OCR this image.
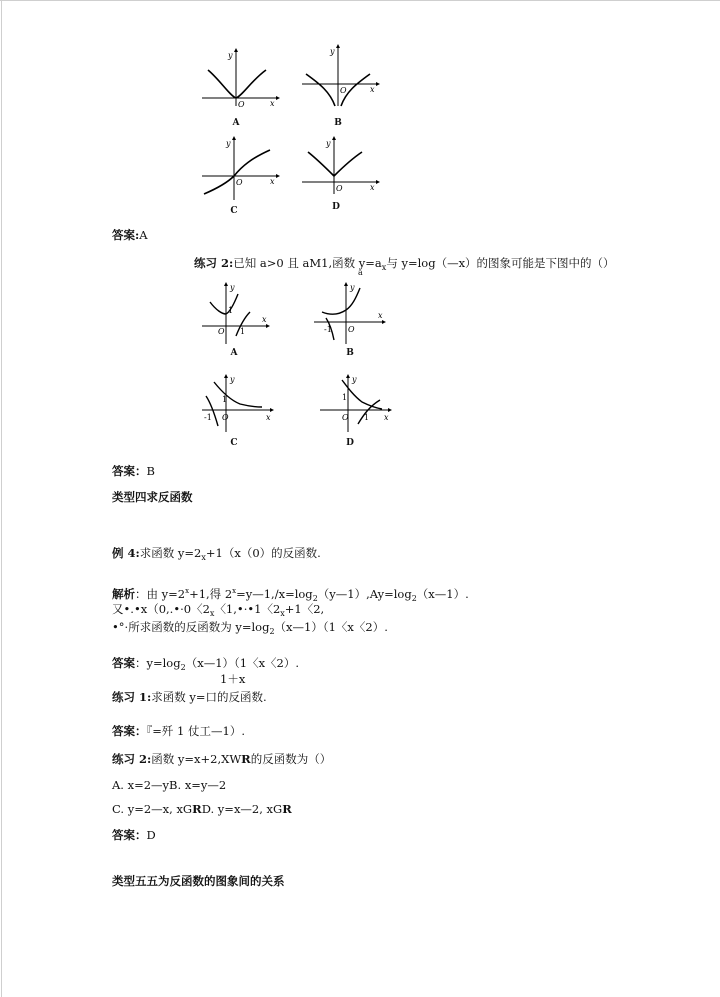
y
x
O
A
y
x
O
B
y
x
O
C
y
x
O
D
答案:A
练习 2:已知 a>0 且 aM1,函数 $y=a_x$与 y=log（—x）的图象可能是下图中的（）
a
y
x
O 1
1
A
y
x
O
-1
B
y
x
O
-1
1
C
y
x
O 1
1
D
答案：B
类型四求反函数
例 4:求函数 $y=2_x+1(x(0)$的反函数.
解析：由 $y=2^x+1$,得 $2^x=y—1,∕x=\log_2(y—1),Ay=\log_2(x—1)$.
又•.•x（0,.•·0〈$2_x$〈1,•·•1〈$2_x+1$〈2,
•°·所求函数的反函数为 $y=\log_2(x—1)(1$〈x〈2）.
答案：$y=\log_2(x—1)(1$〈x〈2）.
1＋x
练习 1:求函数 y=口的反函数.
答案：『=歼 1 仗工—1）.
练习 2:函数 y=x+2,XWR的反函数为（）
A. x=2—yB. x=y—2
C. y=2—x, xGRD. y=x—2, xGR
答案：D
类型五五为反函数的图象间的关系
